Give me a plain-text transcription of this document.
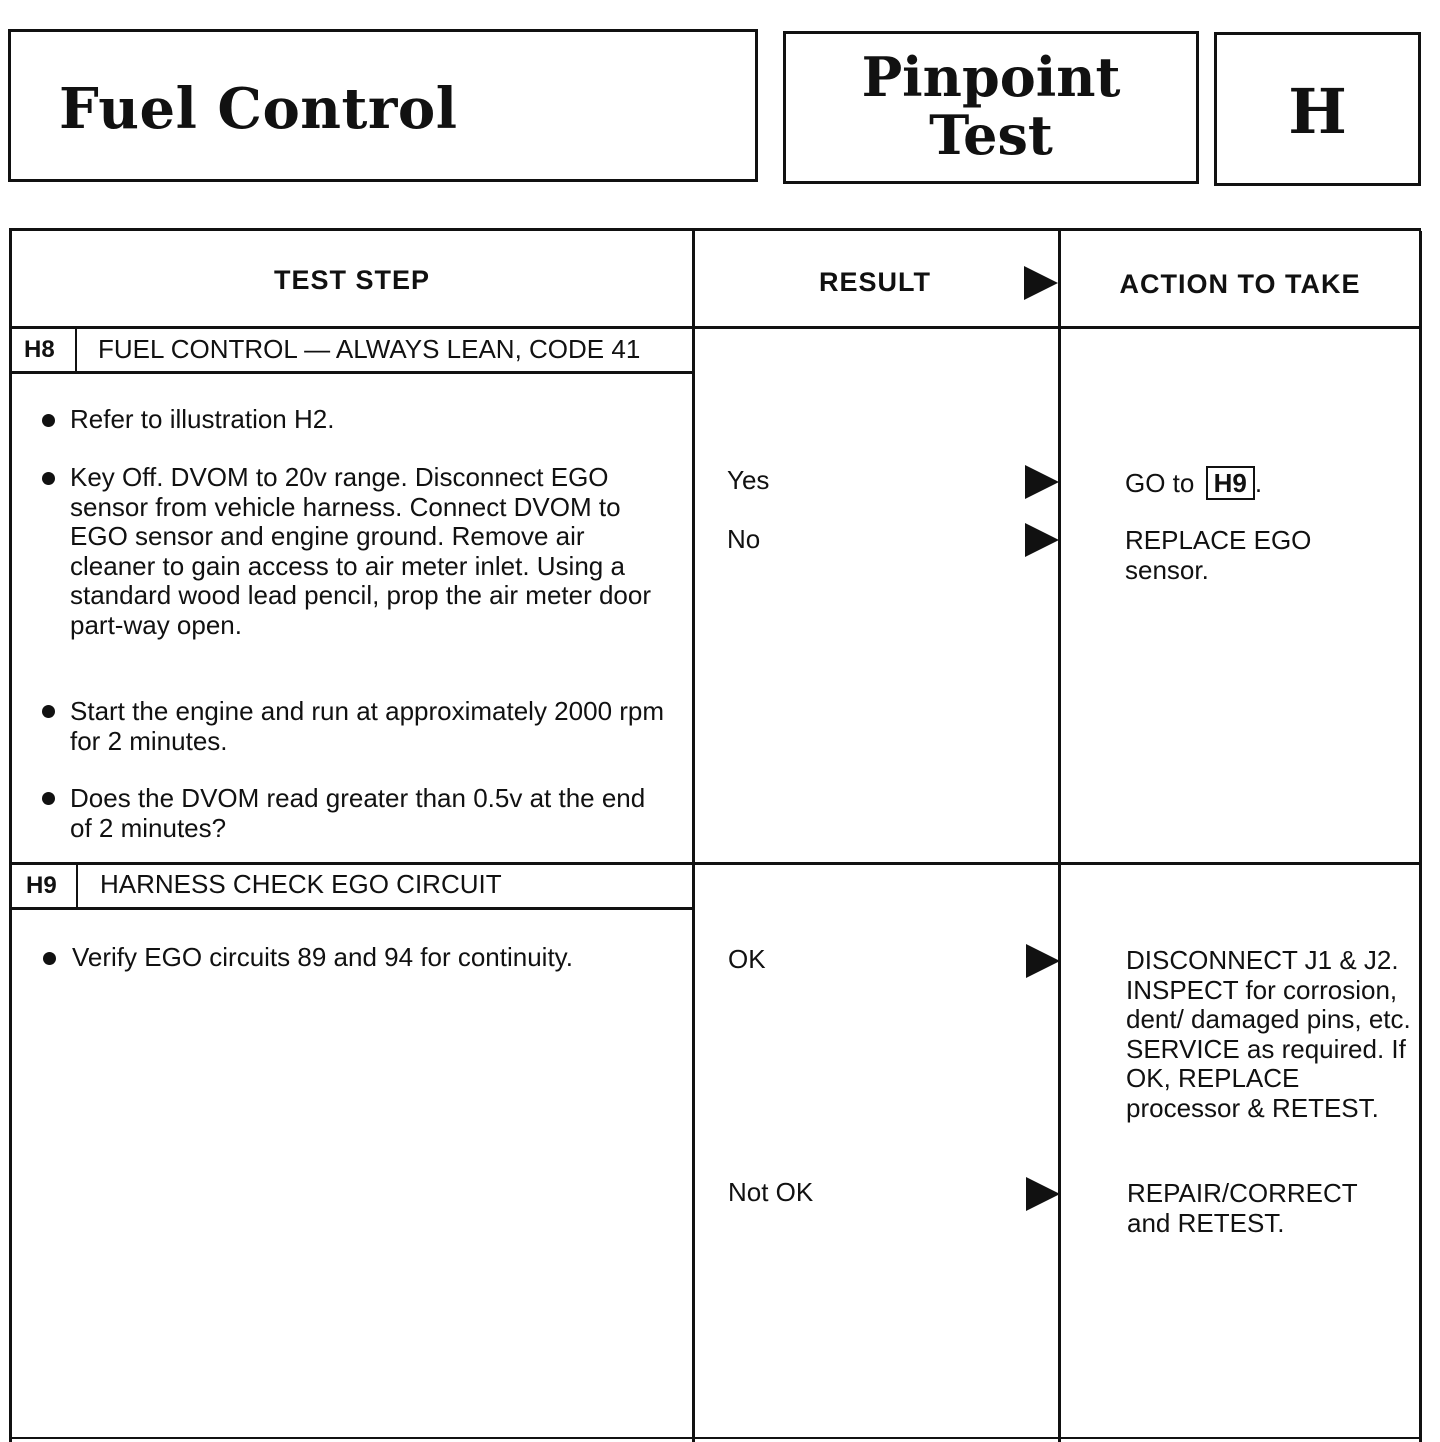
Fuel Control	Pinpoint
Test	H
TEST STEP	RESULT	ACTION TO TAKE
H8 FUEL CONTROL — ALWAYS LEAN, CODE 41
Refer to illustration H2.
Key Off. DVOM to 20v range. Disconnect EGO sensor from vehicle harness. Connect DVOM to EGO sensor and engine ground. Remove air cleaner to gain access to air meter inlet. Using a standard wood lead pencil, prop the air meter door part-way open.
Start the engine and run at approximately 2000 rpm for 2 minutes.
Does the DVOM read greater than 0.5v at the end of 2 minutes?
Yes	GO to H9 .
No	REPLACE EGO sensor.
H9 HARNESS CHECK EGO CIRCUIT
Verify EGO circuits 89 and 94 for continuity.	OK	DISCONNECT J1 & J2. INSPECT for corrosion, dent/ damaged pins, etc. SERVICE as required. If OK, REPLACE processor & RETEST.
Not OK	REPAIR/CORRECT and RETEST.
